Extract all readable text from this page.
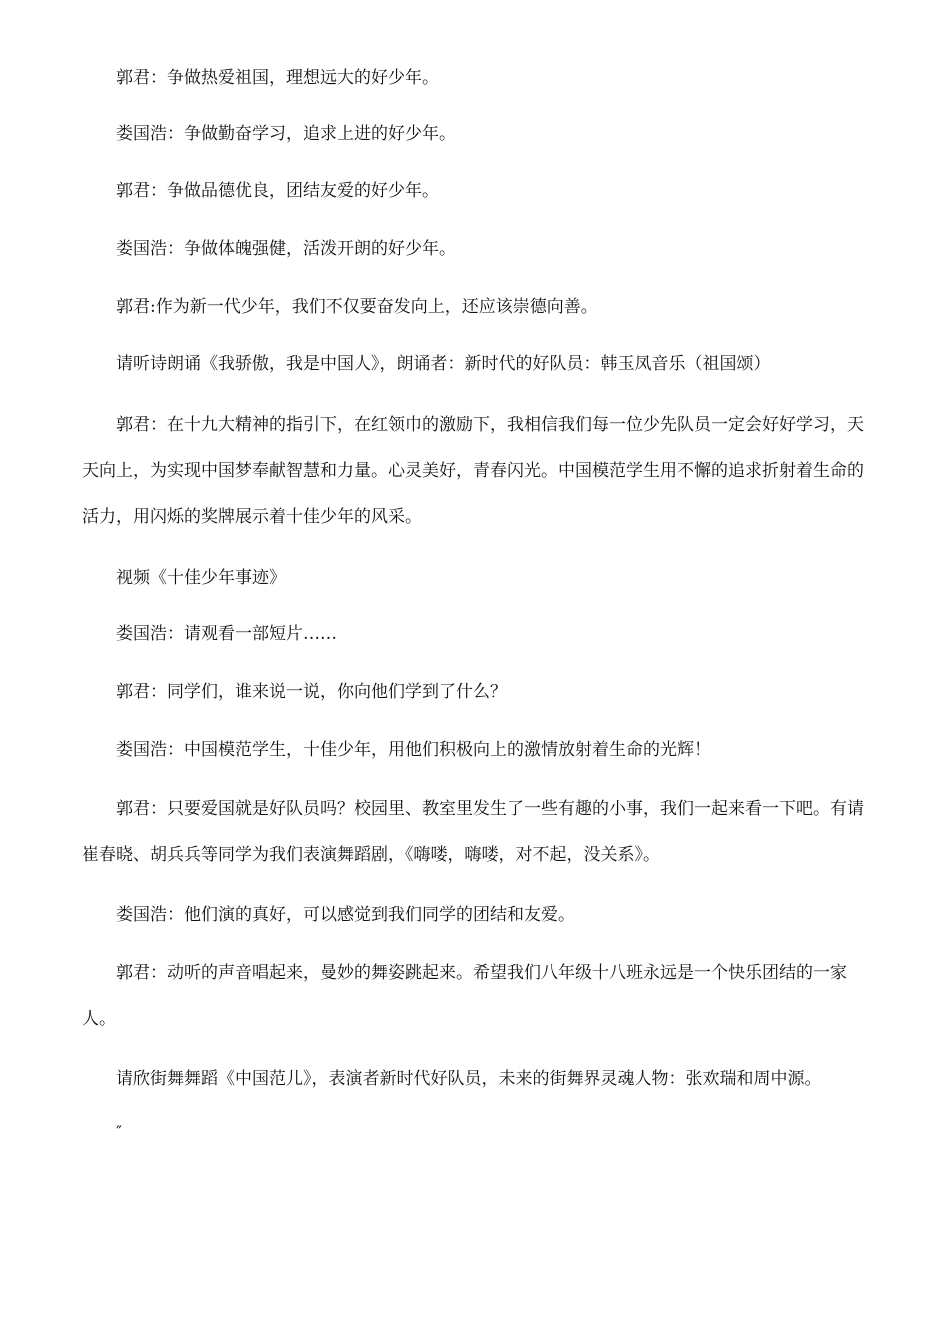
郭君：争做热爱祖国，理想远大的好少年。

娄国浩：争做勤奋学习，追求上进的好少年。

郭君：争做品德优良，团结友爱的好少年。

娄国浩：争做体魄强健，活泼开朗的好少年。

郭君:作为新一代少年，我们不仅要奋发向上，还应该崇德向善。

请听诗朗诵《我骄傲，我是中国人》，朗诵者：新时代的好队员：韩玉凤音乐（祖国颂）

郭君：在十九大精神的指引下，在红领巾的激励下，我相信我们每一位少先队员一定会好好学习，天天向上，为实现中国梦奉献智慧和力量。心灵美好，青春闪光。中国模范学生用不懈的追求折射着生命的活力，用闪烁的奖牌展示着十佳少年的风采。

视频《十佳少年事迹》

娄国浩：请观看一部短片……

郭君：同学们，谁来说一说，你向他们学到了什么？

娄国浩：中国模范学生，十佳少年，用他们积极向上的激情放射着生命的光辉！

郭君：只要爱国就是好队员吗？校园里、教室里发生了一些有趣的小事，我们一起来看一下吧。有请崔春晓、胡兵兵等同学为我们表演舞蹈剧，《嗨喽，嗨喽，对不起，没关系》。

娄国浩：他们演的真好，可以感觉到我们同学的团结和友爱。

郭君：动听的声音唱起来，曼妙的舞姿跳起来。希望我们八年级十八班永远是一个快乐团结的一家人。

请欣街舞舞蹈《中国范儿》，表演者新时代好队员，未来的街舞界灵魂人物：张欢瑞和周中源。

″
